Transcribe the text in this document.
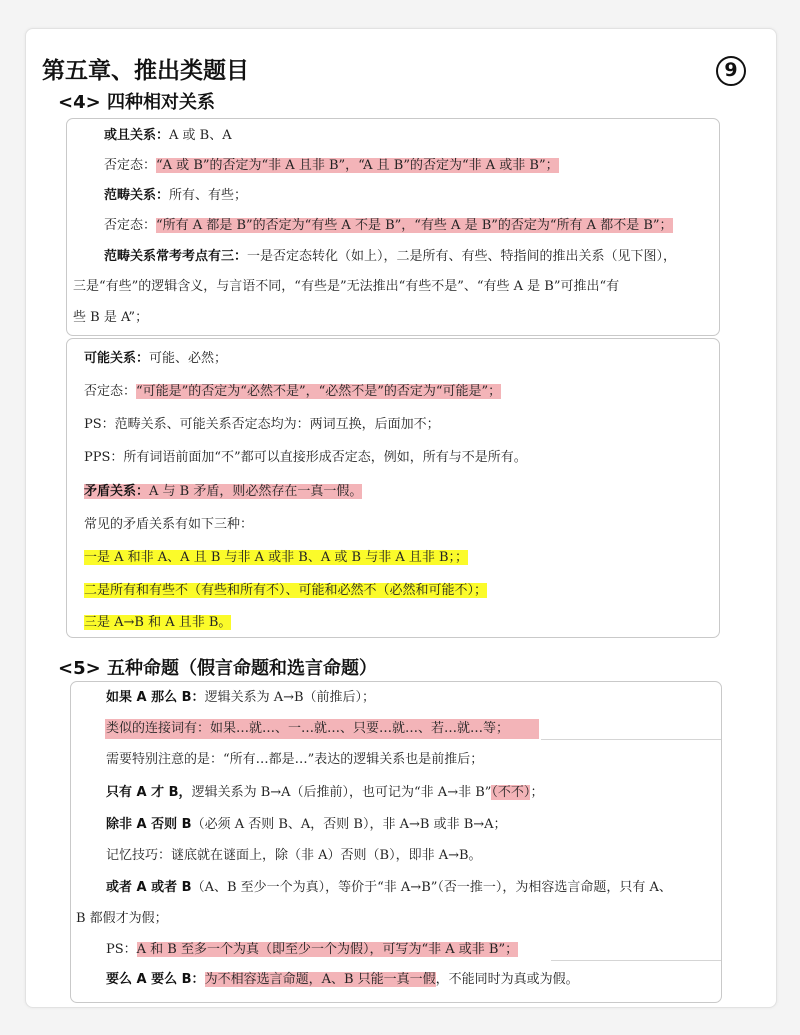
第五章、推出类题目	9
<4> 四种相对关系

或且关系：A 或 B、A

否定态：“A 或 B”的否定为“非 A 且非 B”，“A 且 B”的否定为“非 A 或非 B”；

范畴关系：所有、有些；

否定态：“所有 A 都是 B”的否定为“有些 A 不是 B”，“有些 A 是 B”的否定为“所有 A 都不是 B”；

范畴关系常考考点有三：一是否定态转化（如上），二是所有、有些、特指间的推出关系（见下图），

三是“有些”的逻辑含义，与言语不同，“有些是”无法推出“有些不是”、“有些 A 是 B”可推出“有

些 B 是 A”；

可能关系：可能、必然；

否定态：“可能是”的否定为“必然不是”，“必然不是”的否定为“可能是”；

PS：范畴关系、可能关系否定态均为：两词互换，后面加不；

PPS：所有词语前面加“不”都可以直接形成否定态，例如，所有与不是所有。

矛盾关系：A 与 B 矛盾，则必然存在一真一假。

常见的矛盾关系有如下三种：

一是 A 和非 A、A 且 B 与非 A 或非 B、A 或 B 与非 A 且非 B；；

二是所有和有些不（有些和所有不）、可能和必然不（必然和可能不）；

三是 A→B 和 A 且非 B。

<5> 五种命题（假言命题和选言命题）

如果 A 那么 B：逻辑关系为 A→B（前推后）；

类似的连接词有：如果…就…、一…就…、只要…就…、若…就…等；

需要特别注意的是：“所有…都是…”表达的逻辑关系也是前推后；

只有 A 才 B，逻辑关系为 B→A（后推前），也可记为“非 A→非 B”（不不）；

除非 A 否则 B（必须 A 否则 B、A，否则 B），非 A→B 或非 B→A；

记忆技巧：谜底就在谜面上，除（非 A）否则（B），即非 A→B。

或者 A 或者 B（A、B 至少一个为真），等价于“非 A→B”（否一推一），为相容选言命题，只有 A、

B 都假才为假；

PS：A 和 B 至多一个为真（即至少一个为假），可写为“非 A 或非 B”；

要么 A 要么 B：为不相容选言命题，A、B 只能一真一假，不能同时为真或为假。
